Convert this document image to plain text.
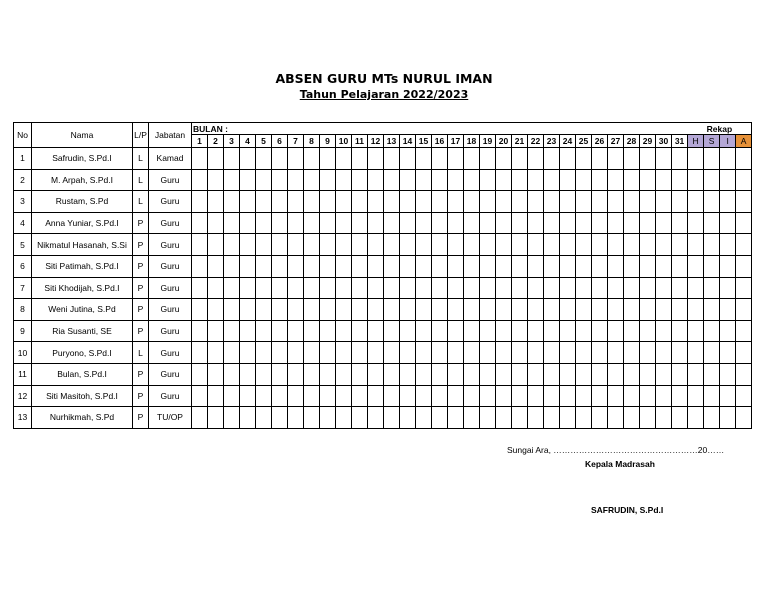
ABSEN GURU MTs NURUL IMAN
Tahun Pelajaran 2022/2023
No	Nama	L/P	Jabatan	BULAN :																															Rekap			
				1	2	3	4	5	6	7	8	9	10	11	12	13	14	15	16	17	18	19	20	21	22	23	24	25	26	27	28	29	30	31	H	S	I	A
1	Safrudin, S.Pd.I	L	Kamad																																			
2	M. Arpah, S.Pd.I	L	Guru																																			
3	Rustam, S.Pd	L	Guru																																			
4	Anna Yuniar, S.Pd.I	P	Guru																																			
5	Nikmatul Hasanah, S.Si	P	Guru																																			
6	Siti Patimah, S.Pd.I	P	Guru																																			
7	Siti Khodijah, S.Pd.I	P	Guru																																			
8	Weni Jutina, S.Pd	P	Guru																																			
9	Ria Susanti, SE	P	Guru																																			
10	Puryono, S.Pd.I	L	Guru																																			
11	Bulan, S.Pd.I	P	Guru																																			
12	Siti Masitoh, S.Pd.I	P	Guru																																			
13	Nurhikmah, S.Pd	P	TU/OP																																			
Sungai Ara, ……………………………………………20……
Kepala Madrasah
SAFRUDIN, S.Pd.I
